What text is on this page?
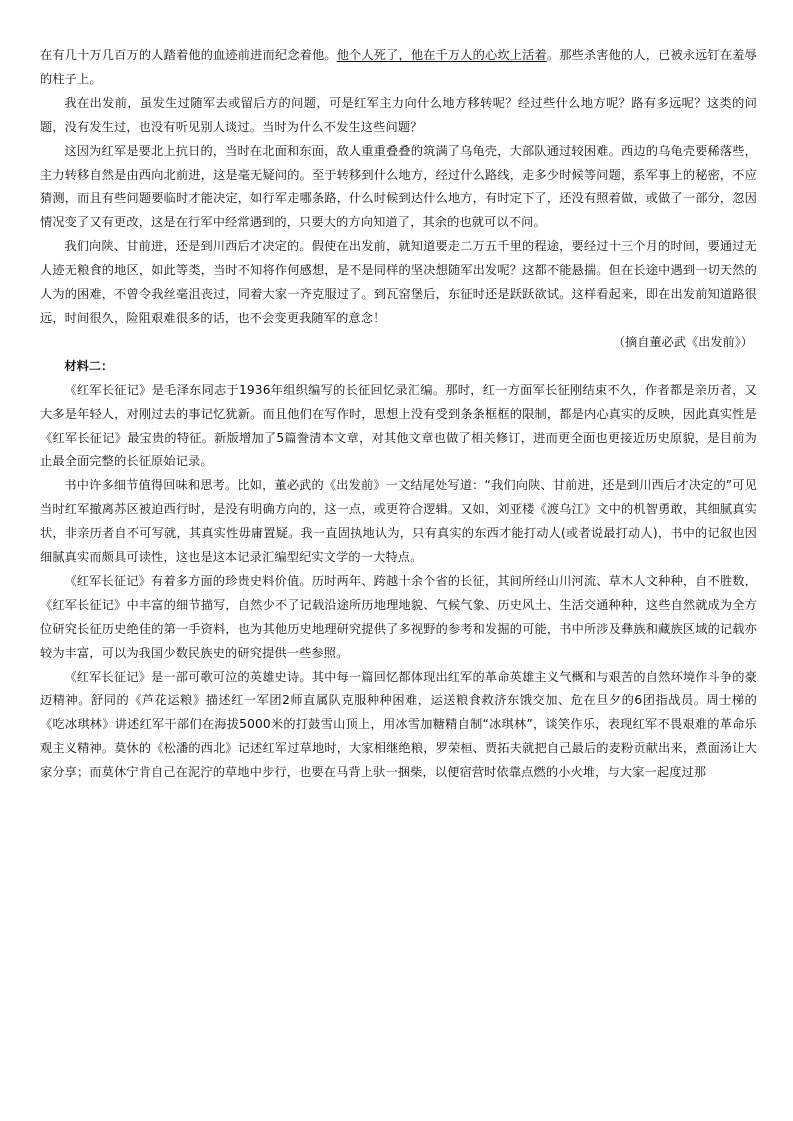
在有几十万几百万的人踏着他的血迹前进而纪念着他。他个人死了，他在千万人的心坎上活着。那些杀害他的人，已被永远钉在羞辱的柱子上。

我在出发前，虽发生过随军去或留后方的问题，可是红军主力向什么地方移转呢？经过些什么地方呢？路有多远呢？这类的问题，没有发生过，也没有听见别人谈过。当时为什么不发生这些问题？

这因为红军是要北上抗日的，当时在北面和东面，敌人重重叠叠的筑满了乌龟壳，大部队通过较困难。西边的乌龟壳要稀落些，主力转移自然是由西向北前进，这是毫无疑问的。至于转移到什么地方，经过什么路线，走多少时候等问题，系军事上的秘密，不应猜测，而且有些问题要临时才能决定，如行军走哪条路，什么时候到达什么地方，有时定下了，还没有照着做，或做了一部分，忽因情况变了又有更改，这是在行军中经常遇到的，只要大的方向知道了，其余的也就可以不问。

我们向陕、甘前进，还是到川西后才决定的。假使在出发前，就知道要走二万五千里的程途，要经过十三个月的时间，要通过无人迹无粮食的地区，如此等类，当时不知将作何感想，是不是同样的坚决想随军出发呢？这都不能悬揣。但在长途中遇到一切天然的人为的困难，不曾令我丝毫沮丧过，同着大家一齐克服过了。到瓦窑堡后，东征时还是跃跃欲试。这样看起来，即在出发前知道路很远，时间很久，险阻艰难很多的话，也不会变更我随军的意念！

（摘自董必武《出发前》）

材料二：

《红军长征记》是毛泽东同志于1936年组织编写的长征回忆录汇编。那时，红一方面军长征刚结束不久，作者都是亲历者，又大多是年轻人，对刚过去的事记忆犹新。而且他们在写作时，思想上没有受到条条框框的限制，都是内心真实的反映，因此真实性是《红军长征记》最宝贵的特征。新版增加了5篇誊清本文章，对其他文章也做了相关修订，进而更全面也更接近历史原貌，是目前为止最全面完整的长征原始记录。

书中许多细节值得回味和思考。比如，董必武的《出发前》一文结尾处写道：“我们向陕、甘前进，还是到川西后才决定的”可见当时红军撤离苏区被迫西行时，是没有明确方向的，这一点，或更符合逻辑。又如，刘亚楼《渡乌江》文中的机智勇敢，其细腻真实状，非亲历者自不可写就，其真实性毋庸置疑。我一直固执地认为，只有真实的东西才能打动人(或者说最打动人)，书中的记叙也因细腻真实而颇具可读性，这也是这本记录汇编型纪实文学的一大特点。

《红军长征记》有着多方面的珍贵史料价值。历时两年、跨越十余个省的长征，其间所经山川河流、草木人文种种，自不胜数，《红军长征记》中丰富的细节描写，自然少不了记载沿途所历地理地貌、气候气象、历史风土、生活交通种种，这些自然就成为全方位研究长征历史绝佳的第一手资料，也为其他历史地理研究提供了多视野的参考和发掘的可能，书中所涉及彝族和藏族区域的记载亦较为丰富，可以为我国少数民族史的研究提供一些参照。

《红军长征记》是一部可歌可泣的英雄史诗。其中每一篇回忆都体现出红军的革命英雄主义气概和与艰苦的自然环境作斗争的豪迈精神。舒同的《芦花运粮》描述红一军团2师直属队克服种种困难，运送粮食救济东饿交加、危在旦夕的6团指战员。周士梯的《吃冰琪林》讲述红军干部们在海拔5000米的打鼓雪山顶上，用冰雪加糖精自制“冰琪林”，谈笑作乐，表现红军不畏艰难的革命乐观主义精神。莫休的《松潘的西北》记述红军过草地时，大家相继绝粮，罗荣桓、贾拓夫就把自己最后的麦粉贡献出来，煮面汤让大家分享；而莫休宁肯自己在泥泞的草地中步行，也要在马背上驮一捆柴，以便宿营时依靠点燃的小火堆，与大家一起度过那
